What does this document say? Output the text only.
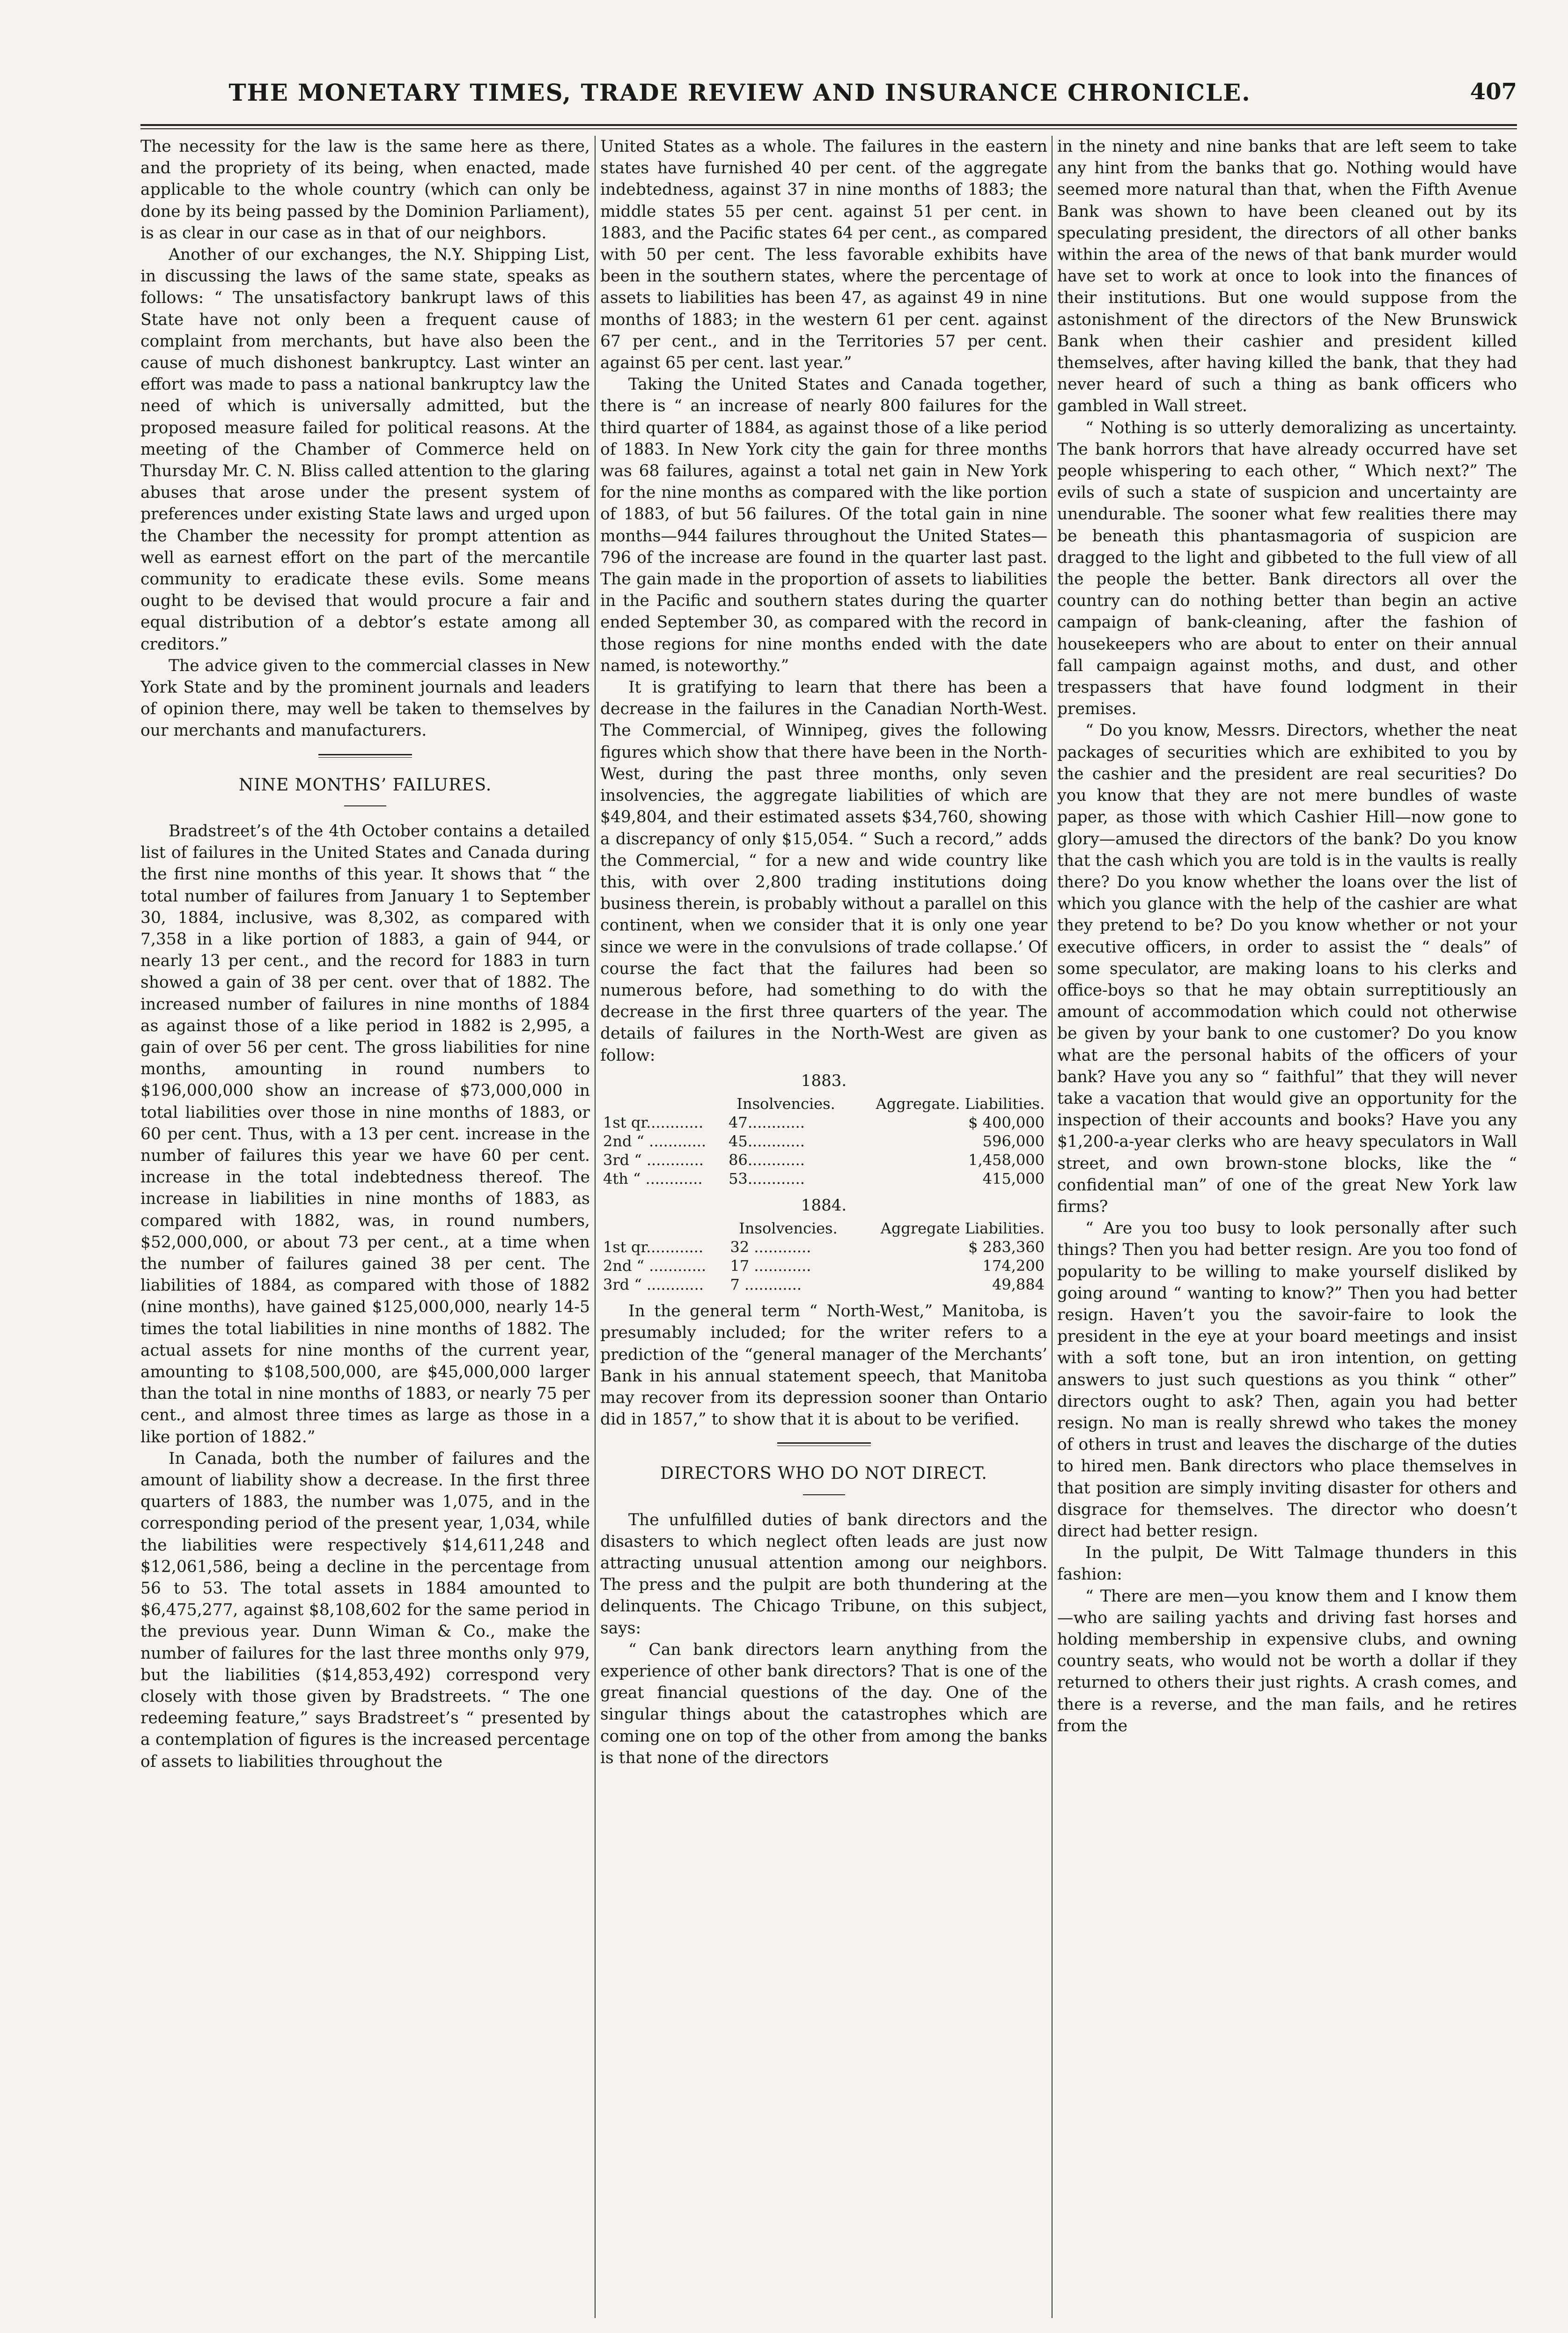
THE MONETARY TIMES, TRADE REVIEW AND INSURANCE CHRONICLE.	407

The necessity for the law is the same here as there, and the propriety of its being, when enacted, made applicable to the whole country (which can only be done by its being passed by the Dominion Parliament), is as clear in our case as in that of our neighbors.

Another of our exchanges, the N.Y. Shipping List, in discussing the laws of the same state, speaks as follows: “ The unsatisfactory bankrupt laws of this State have not only been a frequent cause of complaint from merchants, but have also been the cause of much dishonest bankruptcy. Last winter an effort was made to pass a national bankruptcy law the need of which is universally admitted, but the proposed measure failed for political reasons. At the meeting of the Chamber of Commerce held on Thursday Mr. C. N. Bliss called attention to the glaring abuses that arose under the present system of preferences under existing State laws and urged upon the Chamber the necessity for prompt attention as well as earnest effort on the part of the mercantile community to eradicate these evils. Some means ought to be devised that would procure a fair and equal distribution of a debtor’s estate among all creditors.”

The advice given to the commercial classes in New York State and by the prominent journals and leaders of opinion there, may well be taken to themselves by our merchants and manufacturers.

NINE MONTHS’ FAILURES.

Bradstreet’s of the 4th October contains a detailed list of failures in the United States and Canada during the first nine months of this year. It shows that “ the total number of failures from January 1 to September 30, 1884, inclusive, was 8,302, as compared with 7,358 in a like portion of 1883, a gain of 944, or nearly 13 per cent., and the record for 1883 in turn showed a gain of 38 per cent. over that of 1882. The increased number of failures in nine months of 1884 as against those of a like period in 1882 is 2,995, a gain of over 56 per cent. The gross liabilities for nine months, amounting in round numbers to $196,000,000 show an increase of $73,000,000 in total liabilities over those in nine months of 1883, or 60 per cent. Thus, with a 13 per cent. increase in the number of failures this year we have 60 per cent. increase in the total indebtedness thereof. The increase in liabilities in nine months of 1883, as compared with 1882, was, in round numbers, $52,000,000, or about 73 per cent., at a time when the number of failures gained 38 per cent. The liabilities of 1884, as compared with those of 1882 (nine months), have gained $125,000,000, nearly 14-5 times the total liabilities in nine months of 1882. The actual assets for nine months of the current year, amounting to $108,500,000, are $45,000,000 larger than the total in nine months of 1883, or nearly 75 per cent., and almost three times as large as those in a like portion of 1882.”

In Canada, both the number of failures and the amount of liability show a decrease. In the first three quarters of 1883, the number was 1,075, and in the corresponding period of the present year, 1,034, while the liabilities were respectively $14,611,248 and $12,061,586, being a decline in the percentage from 56 to 53. The total assets in 1884 amounted to $6,475,277, against $8,108,602 for the same period in the previous year. Dunn Wiman & Co., make the number of failures for the last three months only 979, but the liabilities ($14,853,492) correspond very closely with those given by Bradstreets. “ The one redeeming feature,” says Bradstreet’s “ presented by a contemplation of figures is the increased percentage of assets to liabilities throughout the

United States as a whole. The failures in the eastern states have furnished 40 per cent. of the aggregate indebtedness, against 37 in nine months of 1883; the middle states 55 per cent. against 51 per cent. in 1883, and the Pacific states 64 per cent., as compared with 50 per cent. The less favorable exhibits have been in the southern states, where the percentage of assets to liabilities has been 47, as against 49 in nine months of 1883; in the western 61 per cent. against 67 per cent., and in the Territories 57 per cent. against 65 per cent. last year.”

Taking the United States and Canada together, there is “ an increase of nearly 800 failures for the third quarter of 1884, as against those of a like period of 1883. In New York city the gain for three months was 68 failures, against a total net gain in New York for the nine months as compared with the like portion of 1883, of but 56 failures. Of the total gain in nine months—944 failures throughout the United States—796 of the increase are found in the quarter last past. The gain made in the proportion of assets to liabilities in the Pacific and southern states during the quarter ended September 30, as compared with the record in those regions for nine months ended with the date named, is noteworthy.”

It is gratifying to learn that there has been a decrease in the failures in the Canadian North-West. The Commercial, of Winnipeg, gives the following figures which show that there have been in the North-West, during the past three months, only seven insolvencies, the aggregate liabilities of which are $49,804, and their estimated assets $34,760, showing a discrepancy of only $15,054. “ Such a record,” adds the Commercial, “ for a new and wide country like this, with over 2,800 trading institutions doing business therein, is probably without a parallel on this continent, when we consider that it is only one year since we were in the convulsions of trade collapse.’ Of course the fact that the failures had been so numerous before, had something to do with the decrease in the first three quarters of the year. The details of failures in the North-West are given as follow:

1883.
	Insolvencies.	Aggregate. Liabilities.
1st qr............	47............	$ 400,000
2nd “ ............	45............	596,000
3rd “ ............	86............	1,458,000
4th “ ............	53............	415,000
1884.
	Insolvencies.	Aggregate Liabilities.
1st qr............	32 ............	$ 283,360
2nd “ ............	17 ............	174,200
3rd “ ............	7 ............	49,884

In the general term “ North-West,” Manitoba, is presumably included; for the writer refers to a prediction of the “general manager of the Merchants’ Bank in his annual statement speech, that Manitoba may recover from its depression sooner than Ontario did in 1857,” to show that it is about to be verified.

DIRECTORS WHO DO NOT DIRECT.

The unfulfilled duties of bank directors and the disasters to which neglect often leads are just now attracting unusual attention among our neighbors. The press and the pulpit are both thundering at the delinquents. The Chicago Tribune, on this subject, says:

“ Can bank directors learn anything from the experience of other bank directors? That is one of the great financial questions of the day. One of the singular things about the catastrophes which are coming one on top of the other from among the banks is that none of the directors

in the ninety and nine banks that are left seem to take any hint from the banks that go. Nothing would have seemed more natural than that, when the Fifth Avenue Bank was shown to have been cleaned out by its speculating president, the directors of all other banks within the area of the news of that bank murder would have set to work at once to look into the finances of their institutions. But one would suppose from the astonishment of the directors of the New Brunswick Bank when their cashier and president killed themselves, after having killed the bank, that they had never heard of such a thing as bank officers who gambled in Wall street.

“ Nothing is so utterly demoralizing as uncertainty. The bank horrors that have already occurred have set people whispering to each other, “ Which next?” The evils of such a state of suspicion and uncertainty are unendurable. The sooner what few realities there may be beneath this phantasmagoria of suspicion are dragged to the light and gibbeted to the full view of all the people the better. Bank directors all over the country can do nothing better than begin an active campaign of bank-cleaning, after the fashion of housekeepers who are about to enter on their annual fall campaign against moths, and dust, and other trespassers that have found lodgment in their premises.

“ Do you know, Messrs. Directors, whether the neat packages of securities which are exhibited to you by the cashier and the president are real securities? Do you know that they are not mere bundles of waste paper, as those with which Cashier Hill—now gone to glory—amused the directors of the bank? Do you know that the cash which you are told is in the vaults is really there? Do you know whether the loans over the list of which you glance with the help of the cashier are what they pretend to be? Do you know whether or not your executive officers, in order to assist the “ deals” of some speculator, are making loans to his clerks and office-boys so that he may obtain surreptitiously an amount of accommodation which could not otherwise be given by your bank to one customer? Do you know what are the personal habits of the officers of your bank? Have you any so “ faithful” that they will never take a vacation that would give an opportunity for the inspection of their accounts and books? Have you any $1,200-a-year clerks who are heavy speculators in Wall street, and own brown-stone blocks, like the “ confidential man” of one of the great New York law firms?

“ Are you too busy to look personally after such things? Then you had better resign. Are you too fond of popularity to be willing to make yourself disliked by going around “ wanting to know?” Then you had better resign. Haven’t you the savoir-faire to look the president in the eye at your board meetings and insist with a soft tone, but an iron intention, on getting answers to just such questions as you think “ other” directors ought to ask? Then, again you had better resign. No man is really shrewd who takes the money of others in trust and leaves the discharge of the duties to hired men. Bank directors who place themselves in that position are simply inviting disaster for others and disgrace for themselves. The director who doesn’t direct had better resign.

In the pulpit, De Witt Talmage thunders in this fashion:

“ There are men—you know them and I know them—who are sailing yachts and driving fast horses and holding membership in expensive clubs, and owning country seats, who would not be worth a dollar if they returned to others their just rights. A crash comes, and there is a reverse, and the man fails, and he retires from the
